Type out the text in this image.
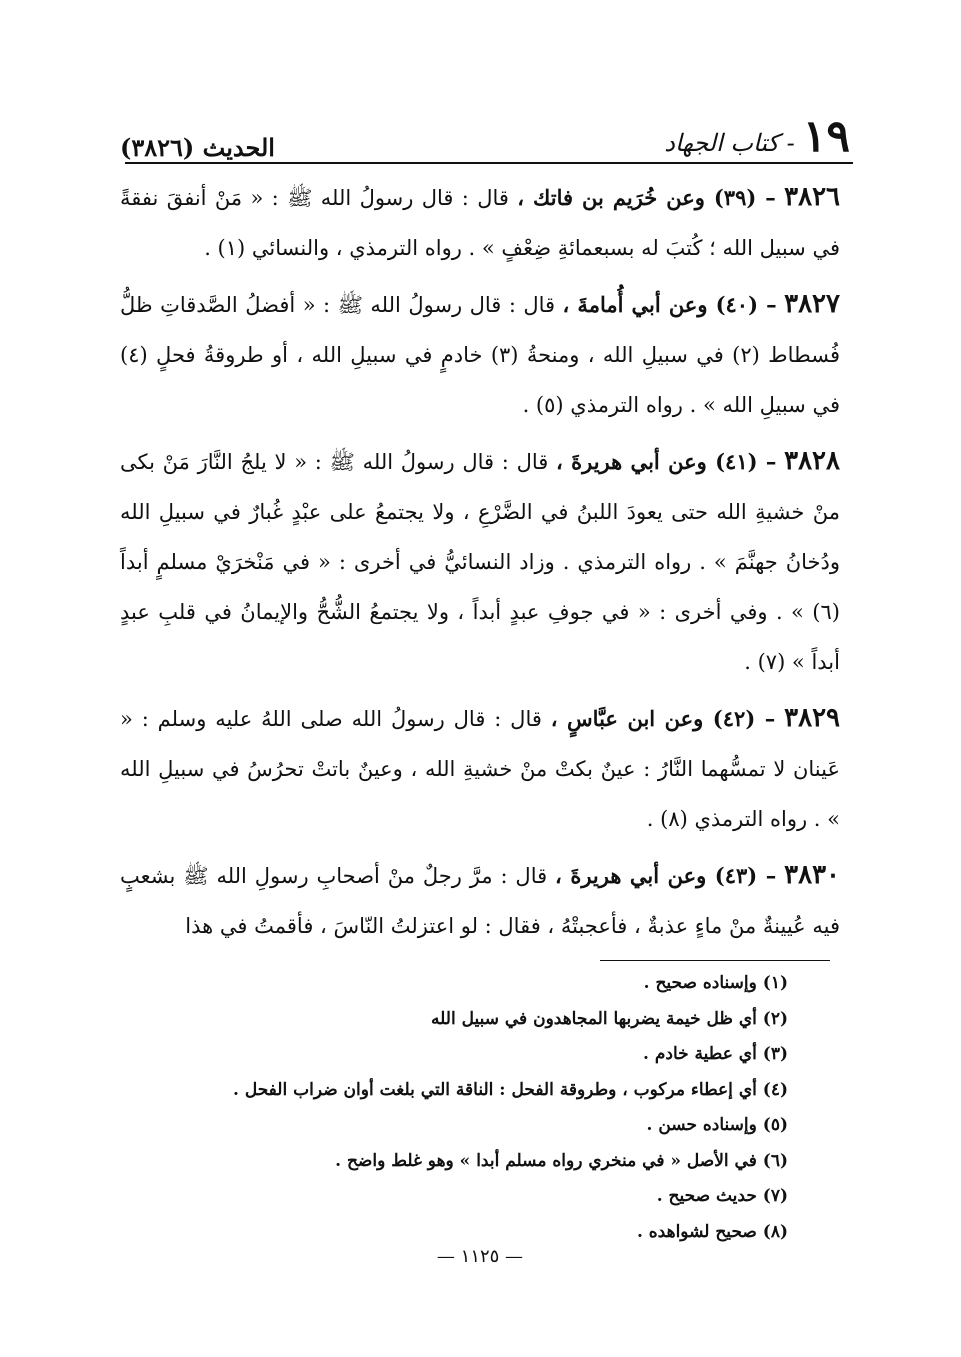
١٩
- كتاب الجهاد
الحديث (٣٨٢٦)

٣٨٢٦ – (٣٩) وعن خُرَيم بن فاتك ، قال : قال رسولُ الله ﷺ : « مَنْ أنفقَ نفقةً في سبيل الله ؛ كُتبَ له بسبعمائةِ ضِعْفٍ » . رواه الترمذي ، والنسائي (١) .

٣٨٢٧ – (٤٠) وعن أبي أُمامةَ ، قال : قال رسولُ الله ﷺ : « أفضلُ الصَّدقاتِ ظلُّ فُسطاط (٢) في سبيلِ الله ، ومنحةُ (٣) خادمٍ في سبيلِ الله ، أو طروقةُ فحلٍ (٤) في سبيلِ الله » . رواه الترمذي (٥) .

٣٨٢٨ – (٤١) وعن أبي هريرةَ ، قال : قال رسولُ الله ﷺ : « لا يلجُ النَّارَ مَنْ بكى منْ خشيةِ الله حتى يعودَ اللبنُ في الضَّرْعِ ، ولا يجتمعُ على عبْدٍ غُبارٌ في سبيلِ الله ودُخانُ جهنَّمَ » . رواه الترمذي . وزاد النسائيُّ في أخرى : « في مَنْخرَيْ مسلمٍ أبداً (٦) » . وفي أخرى : « في جوفِ عبدٍ أبداً ، ولا يجتمعُ الشُّحُّ والإيمانُ في قلبِ عبدٍ أبداً » (٧) .

٣٨٢٩ – (٤٢) وعن ابن عبَّاسٍ ، قال : قال رسولُ الله صلى اللهُ عليه وسلم : « عَينان لا تمسُّهما النَّارُ : عينٌ بكتْ منْ خشيةِ الله ، وعينٌ باتتْ تحرُسُ في سبيلِ الله » . رواه الترمذي (٨) .

٣٨٣٠ – (٤٣) وعن أبي هريرةَ ، قال : مرَّ رجلٌ منْ أصحابِ رسولِ الله ﷺ بشعبٍ فيه عُيينةٌ منْ ماءٍ عذبةٌ ، فأعجبتْهُ ، فقال : لو اعتزلتُ النّاسَ ، فأقمتُ في هذا

(١) وإسناده صحيح .
(٢) أي ظل خيمة يضربها المجاهدون في سبيل الله
(٣) أي عطية خادم .
(٤) أي إعطاء مركوب ، وطروقة الفحل : الناقة التي بلغت أوان ضراب الفحل .
(٥) وإسناده حسن .
(٦) في الأصل « في منخري رواه مسلم أبدا » وهو غلط واضح .
(٧) حديث صحيح .
(٨) صحيح لشواهده .
— ١١٢٥ —
